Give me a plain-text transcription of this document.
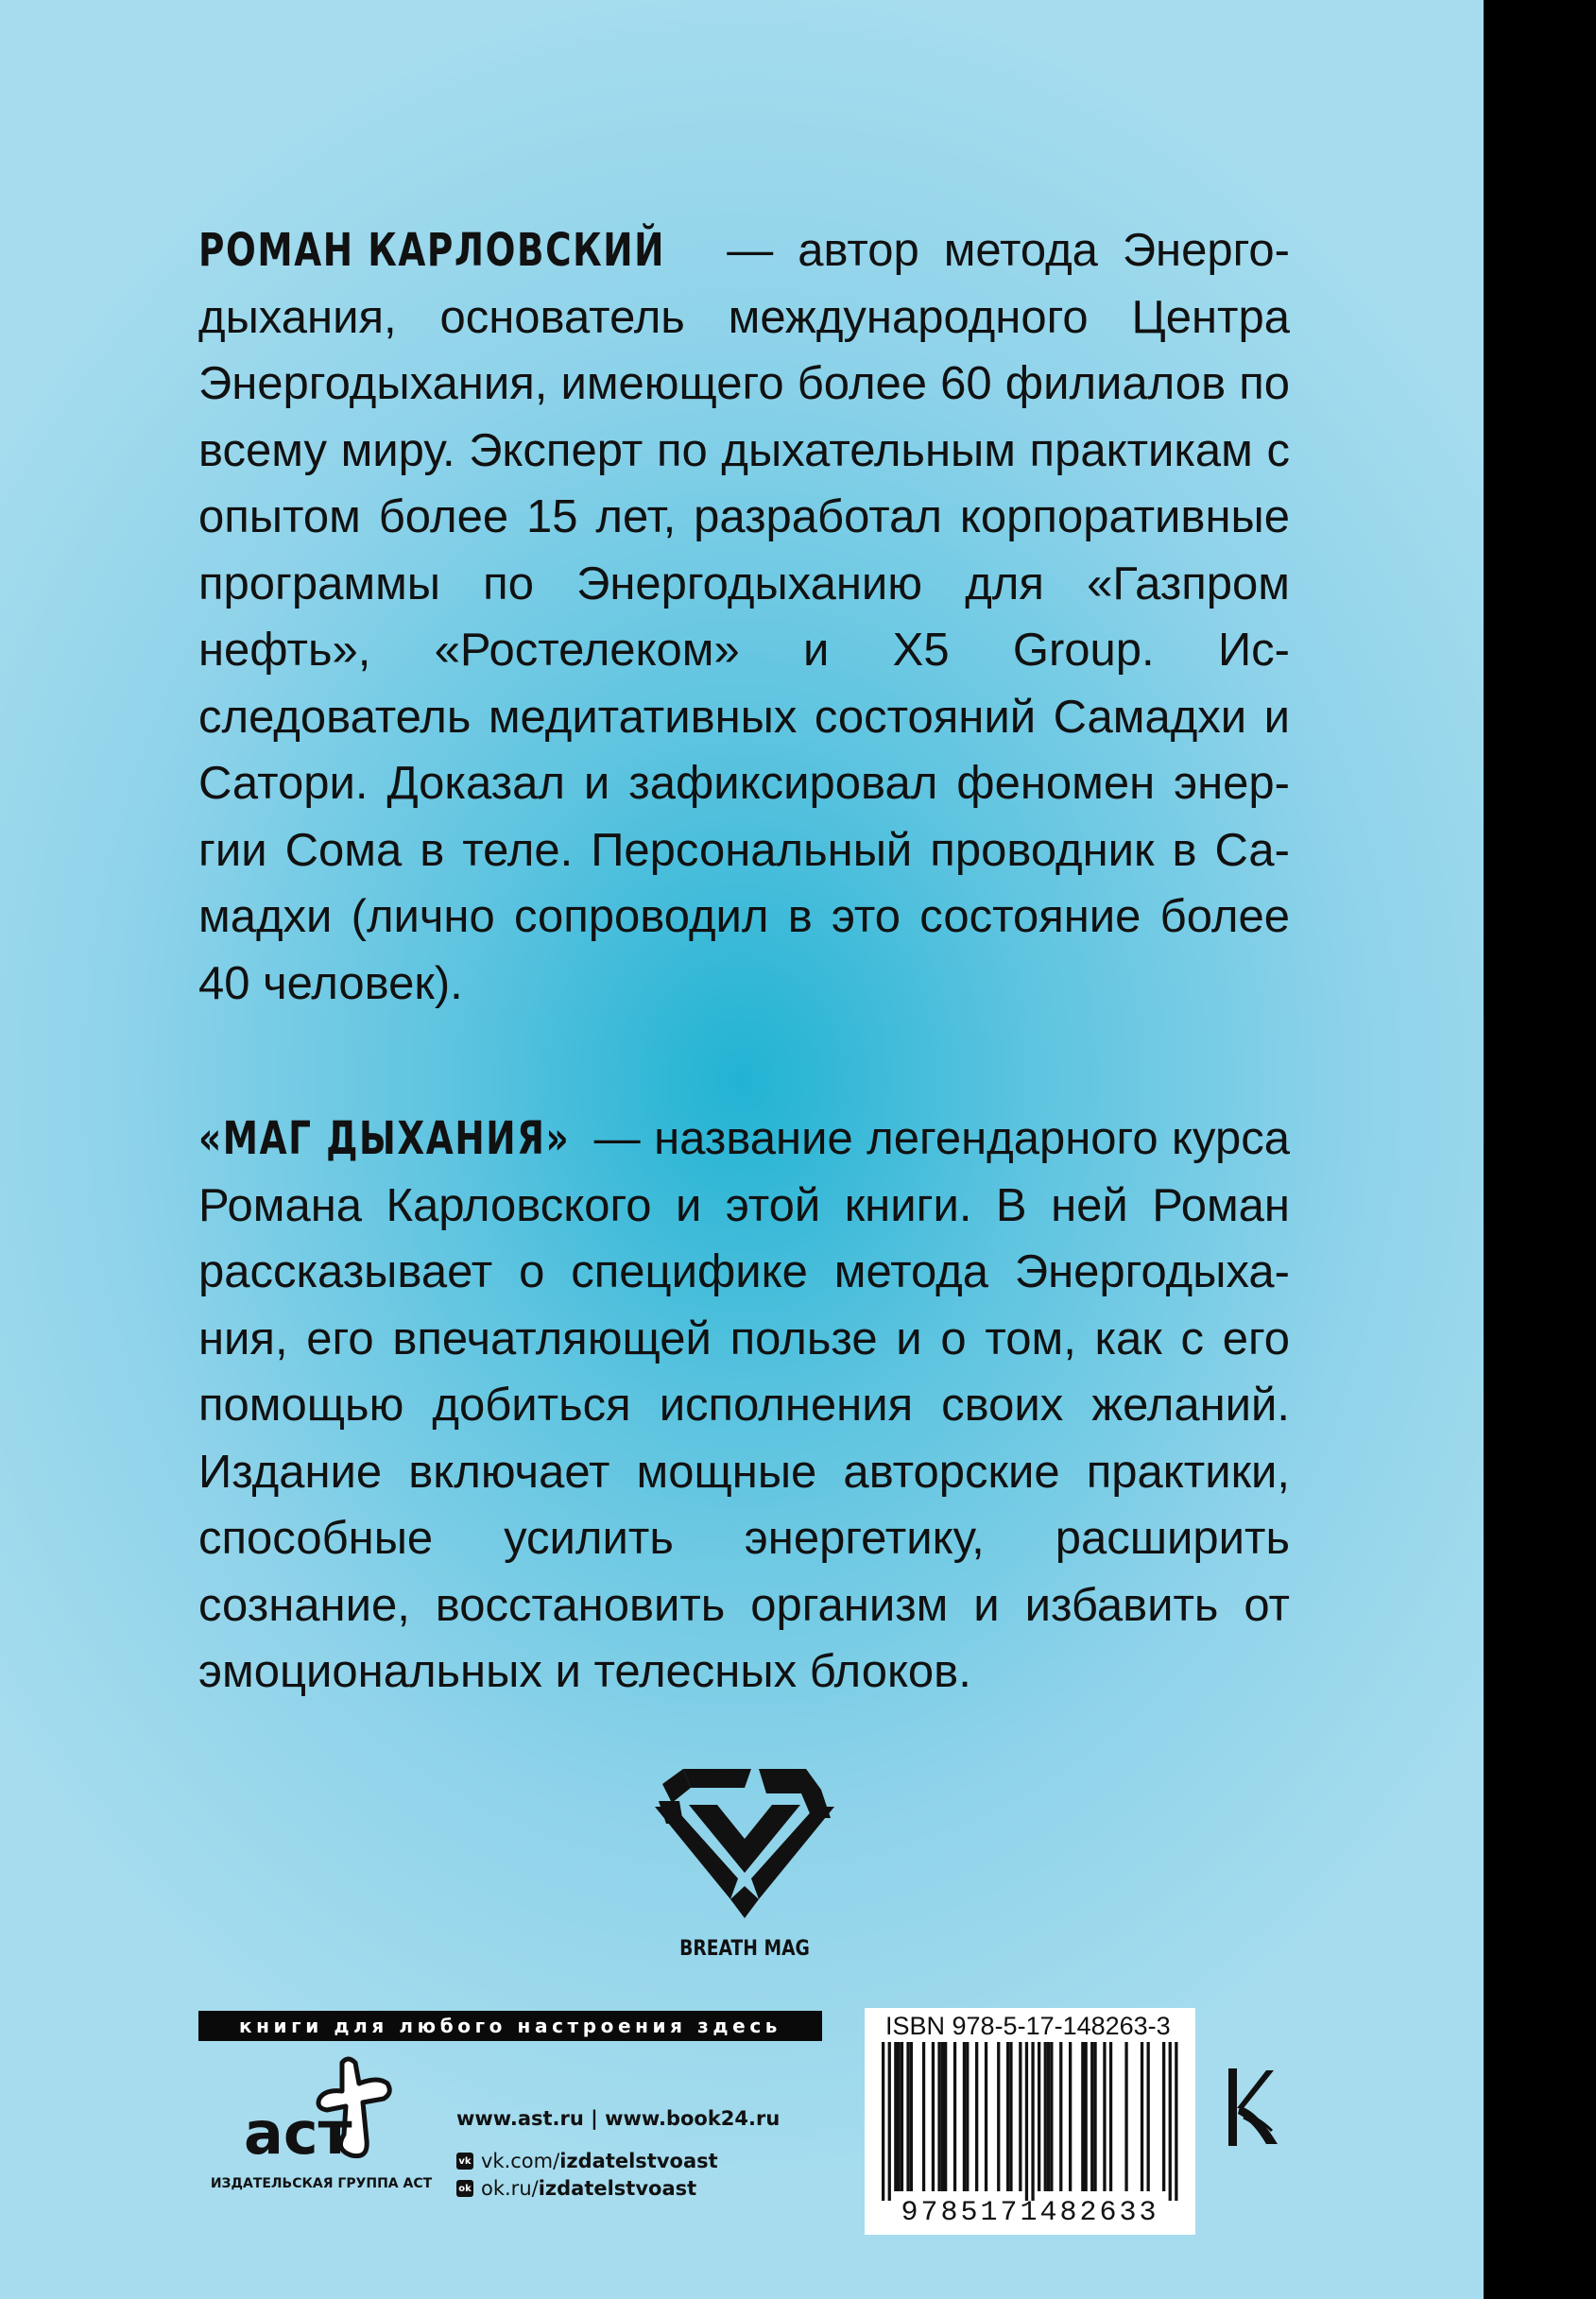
РОМАН КАРЛОВСКИЙ — автор метода Энергодыхания, основатель международного Центра Энергодыхания, имеющего более 60 филиалов по всему миру. Эксперт по дыхательным практикам с опытом более 15 лет, разработал корпоративные программы по Энергодыханию для «Газпром нефть», «Ростелеком» и X5 Group. Исследователь медитативных состояний Самадхи и Сатори. Доказал и зафиксировал феномен энергии Сома в теле. Персональный проводник в Самадхи (лично сопроводил в это состояние более 40 человек).

«МАГ ДЫХАНИЯ» — название легендарного курса Романа Карловского и этой книги. В ней Роман рассказывает о специфике метода Энергодыхания, его впечатляющей пользе и о том, как с его помощью добиться исполнения своих желаний. Издание включает мощные авторские практики, способные усилить энергетику, расширить сознание, восстановить организм и избавить от эмоциональных и телесных блоков.

BREATH MAG
книги для любого настроения здесь
аст
ИЗДАТЕЛЬСКАЯ ГРУППА АСТ
www.ast.ru | www.book24.ru
vk vk.com/ izdatelstvoast
ok ok.ru/ izdatelstvoast
ISBN 978-5-17-148263-3
9785171482633
